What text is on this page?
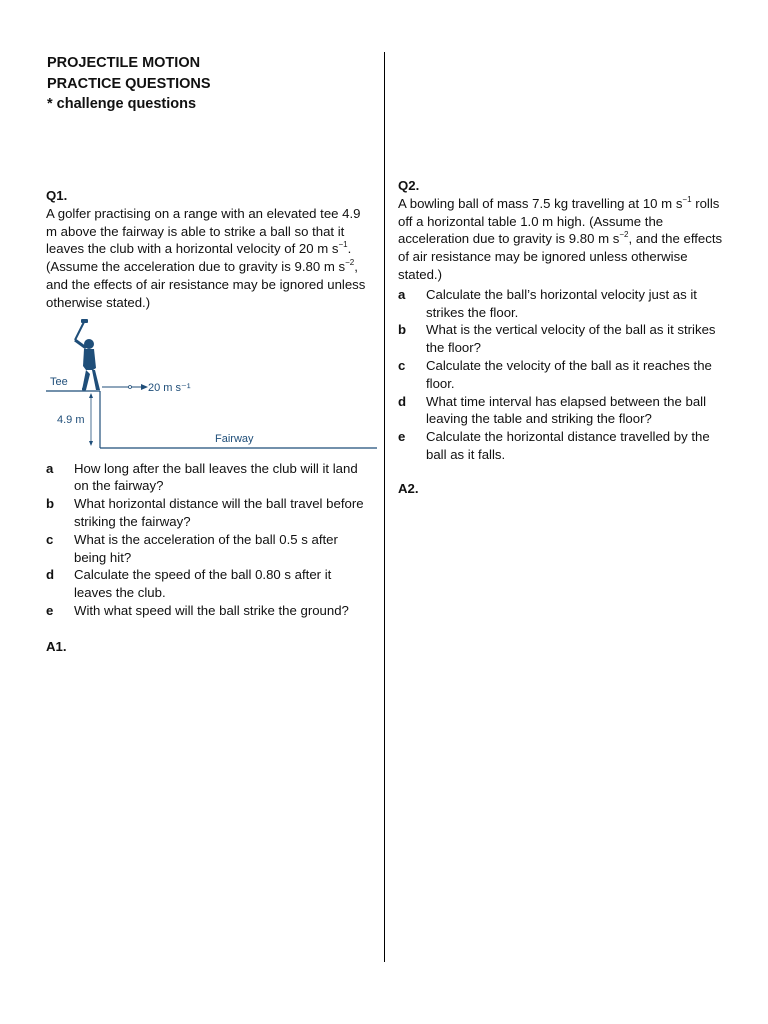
PROJECTILE MOTION
PRACTICE QUESTIONS
* challenge questions
Q1.

A golfer practising on a range with an elevated tee 4.9 m above the fairway is able to strike a ball so that it leaves the club with a horizontal velocity of 20 m $s^{-1}$. (Assume the acceleration due to gravity is 9.80 m $s^{-2}$, and the effects of air resistance may be ignored unless otherwise stated.)

Tee	20 m s⁻¹
4.9 m
Fairway
a	How long after the ball leaves the club will it land on the fairway?
b	What horizontal distance will the ball travel before striking the fairway?
c	What is the acceleration of the ball 0.5 s after being hit?
d	Calculate the speed of the ball 0.80 s after it leaves the club.
e	With what speed will the ball strike the ground?
A1.
Q2.

A bowling ball of mass 7.5 kg travelling at 10 m $s^{-1}$ rolls off a horizontal table 1.0 m high. (Assume the acceleration due to gravity is 9.80 m $s^{-2}$, and the effects of air resistance may be ignored unless otherwise stated.)

a	Calculate the ball’s horizontal velocity just as it strikes the floor.
b	What is the vertical velocity of the ball as it strikes the floor?
c	Calculate the velocity of the ball as it reaches the floor.
d	What time interval has elapsed between the ball leaving the table and striking the floor?
e	Calculate the horizontal distance travelled by the ball as it falls.
A2.
